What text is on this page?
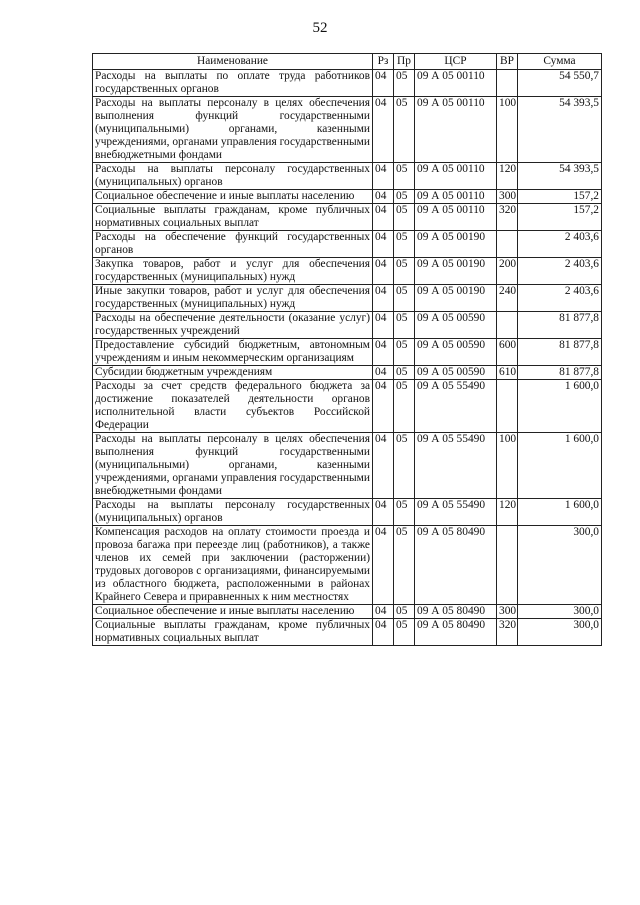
52
Наименование	Рз	Пр	ЦСР	ВР	Сумма
Расходы на выплаты по оплате труда работников государственных органов	04	05	09 А 05 00110		54 550,7
Расходы на выплаты персоналу в целях обеспечения выполнения функций государственными (муниципальными) органами, казенными учреждениями, органами управления государственными внебюджетными фондами	04	05	09 А 05 00110	100	54 393,5
Расходы на выплаты персоналу государственных (муниципальных) органов	04	05	09 А 05 00110	120	54 393,5
Социальное обеспечение и иные выплаты населению	04	05	09 А 05 00110	300	157,2
Социальные выплаты гражданам, кроме публичных нормативных социальных выплат	04	05	09 А 05 00110	320	157,2
Расходы на обеспечение функций государственных органов	04	05	09 А 05 00190		2 403,6
Закупка товаров, работ и услуг для обеспечения государственных (муниципальных) нужд	04	05	09 А 05 00190	200	2 403,6
Иные закупки товаров, работ и услуг для обеспечения государственных (муниципальных) нужд	04	05	09 А 05 00190	240	2 403,6
Расходы на обеспечение деятельности (оказание услуг) государственных учреждений	04	05	09 А 05 00590		81 877,8
Предоставление субсидий бюджетным, автономным учреждениям и иным некоммерческим организациям	04	05	09 А 05 00590	600	81 877,8
Субсидии бюджетным учреждениям	04	05	09 А 05 00590	610	81 877,8
Расходы за счет средств федерального бюджета за достижение показателей деятельности органов исполнительной власти субъектов Российской Федерации	04	05	09 А 05 55490		1 600,0
Расходы на выплаты персоналу в целях обеспечения выполнения функций государственными (муниципальными) органами, казенными учреждениями, органами управления государственными внебюджетными фондами	04	05	09 А 05 55490	100	1 600,0
Расходы на выплаты персоналу государственных (муниципальных) органов	04	05	09 А 05 55490	120	1 600,0
Компенсация расходов на оплату стоимости проезда и провоза багажа при переезде лиц (работников), а также членов их семей при заключении (расторжении) трудовых договоров с организациями, финансируемыми из областного бюджета, расположенными в районах Крайнего Севера и приравненных к ним местностях	04	05	09 А 05 80490		300,0
Социальное обеспечение и иные выплаты населению	04	05	09 А 05 80490	300	300,0
Социальные выплаты гражданам, кроме публичных нормативных социальных выплат	04	05	09 А 05 80490	320	300,0
